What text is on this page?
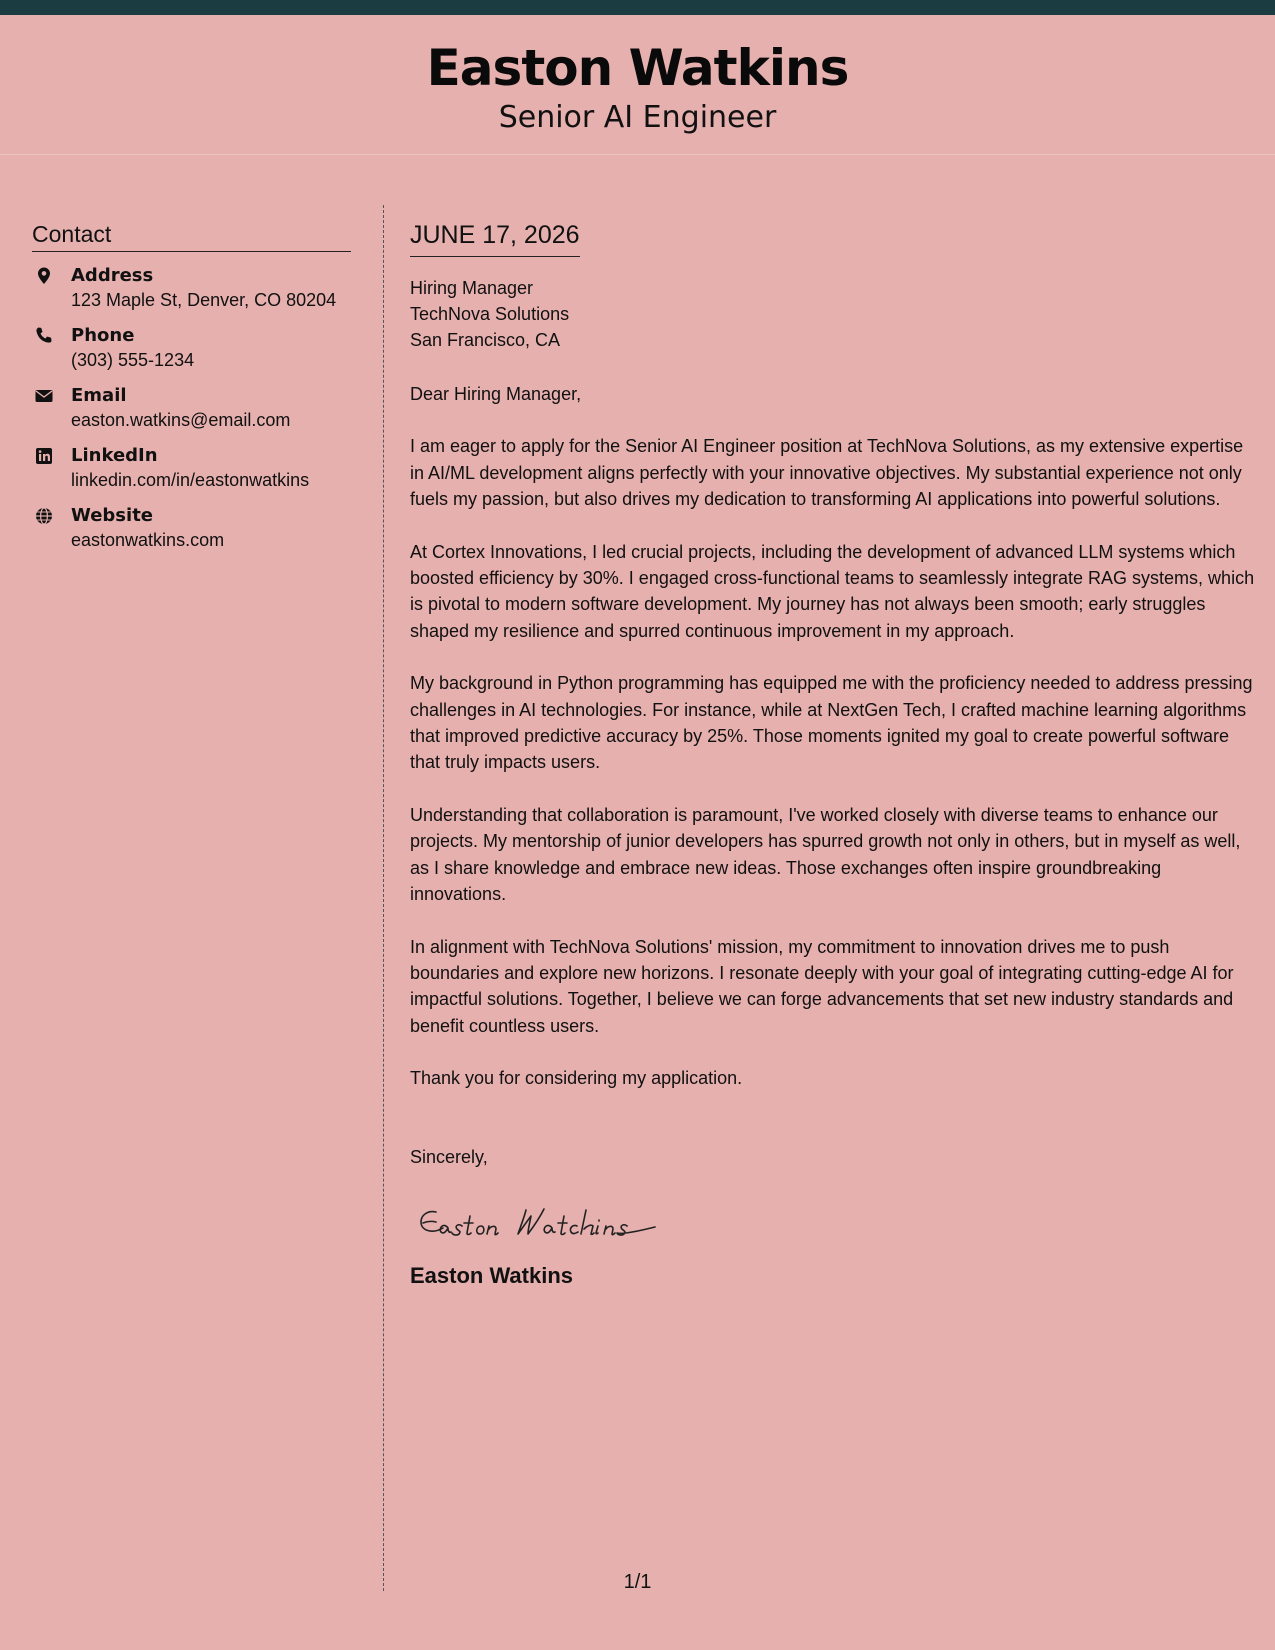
Easton Watkins
Senior AI Engineer
Contact
Address
123 Maple St, Denver, CO 80204
Phone
(303) 555-1234
Email
easton.watkins@email.com
LinkedIn
linkedin.com/in/eastonwatkins
Website
eastonwatkins.com
JUNE 17, 2026
Hiring Manager
TechNova Solutions
San Francisco, CA

Dear Hiring Manager,

I am eager to apply for the Senior AI Engineer position at TechNova Solutions, as my extensive expertise in AI/ML development aligns perfectly with your innovative objectives. My substantial experience not only fuels my passion, but also drives my dedication to transforming AI applications into powerful solutions.

At Cortex Innovations, I led crucial projects, including the development of advanced LLM systems which boosted efficiency by 30%. I engaged cross-functional teams to seamlessly integrate RAG systems, which is pivotal to modern software development. My journey has not always been smooth; early struggles shaped my resilience and spurred continuous improvement in my approach.

My background in Python programming has equipped me with the proficiency needed to address pressing challenges in AI technologies. For instance, while at NextGen Tech, I crafted machine learning algorithms that improved predictive accuracy by 25%. Those moments ignited my goal to create powerful software that truly impacts users.

Understanding that collaboration is paramount, I've worked closely with diverse teams to enhance our projects. My mentorship of junior developers has spurred growth not only in others, but in myself as well, as I share knowledge and embrace new ideas. Those exchanges often inspire groundbreaking innovations.

In alignment with TechNova Solutions' mission, my commitment to innovation drives me to push boundaries and explore new horizons. I resonate deeply with your goal of integrating cutting-edge AI for impactful solutions. Together, I believe we can forge advancements that set new industry standards and benefit countless users.

Thank you for considering my application.

Sincerely,
Easton Watkins
1/1
